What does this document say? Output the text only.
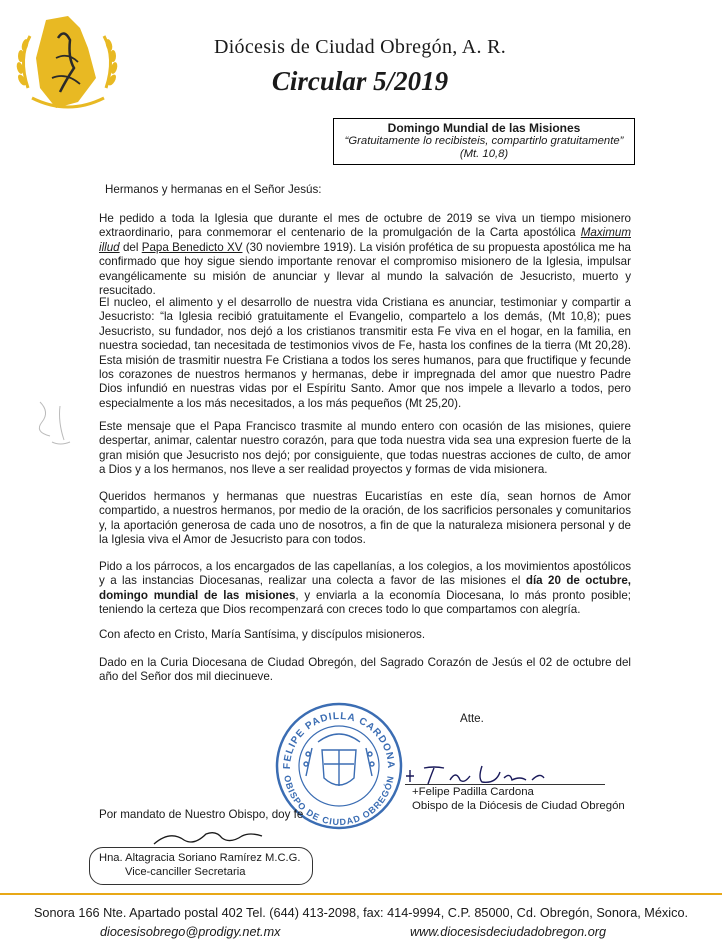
Diócesis de Ciudad Obregón, A. R.
Circular 5/2019
Domingo Mundial de las Misiones
“Gratuitamente lo recibisteis, compartirlo gratuitamente”
(Mt. 10,8)
Hermanos y hermanas en el Señor Jesús:
He pedido a toda la Iglesia que durante el mes de octubre de 2019 se viva un tiempo misionero extraordinario, para conmemorar el centenario de la promulgación de la Carta apostólica Maximum illud del Papa Benedicto XV (30 noviembre 1919). La visión profética de su propuesta apostólica me ha confirmado que hoy sigue siendo importante renovar el compromiso misionero de la Iglesia, impulsar evangélicamente su misión de anunciar y llevar al mundo la salvación de Jesucristo, muerto y resucitado.
El nucleo, el alimento y el desarrollo de nuestra vida Cristiana es anunciar, testimoniar y compartir a Jesucristo: “la Iglesia recibió gratuitamente el Evangelio, compartelo a los demás, (Mt 10,8); pues Jesucristo, su fundador, nos dejó a los cristianos transmitir esta Fe viva en el hogar, en la familia, en nuestra sociedad, tan necesitada de testimonios vivos de Fe, hasta los confines de la tierra (Mt 20,28). Esta misión de trasmitir nuestra Fe Cristiana a todos los seres humanos, para que fructifique y fecunde los corazones de nuestros hermanos y hermanas, debe ir impregnada del amor que nuestro Padre Dios infundió en nuestras vidas por el Espíritu Santo. Amor que nos impele a llevarlo a todos, pero especialmente a los más necesitados, a los más pequeños (Mt 25,20).
Este mensaje que el Papa Francisco trasmite al mundo entero con ocasión de las misiones, quiere despertar, animar, calentar nuestro corazón, para que toda nuestra vida sea una expresion fuerte de la gran misión que Jesucristo nos dejó; por consiguiente, que todas nuestras acciones de culto, de amor a Dios y a los hermanos, nos lleve a ser realidad proyectos y formas de vida misionera.
Queridos hermanos y hermanas que nuestras Eucaristías en este día, sean hornos de Amor compartido, a nuestros hermanos, por medio de la oración, de los sacrificios personales y comunitarios y, la aportación generosa de cada uno de nosotros, a fin de que la naturaleza misionera personal y de la Iglesia viva el Amor de Jesucristo para con todos.
Pido a los párrocos, a los encargados de las capellanías, a los colegios, a los movimientos apostólicos y a las instancias Diocesanas, realizar una colecta a favor de las misiones el día 20 de octubre, domingo mundial de las misiones, y enviarla a la economía Diocesana, lo más pronto posible; teniendo la certeza que Dios recompenzará con creces todo lo que compartamos con alegría.
Con afecto en Cristo, María Santísima, y discípulos misioneros.
Dado en la Curia Diocesana de Ciudad Obregón, del Sagrado Corazón de Jesús el 02 de octubre del año del Señor dos mil diecinueve.
Atte.
FELIPE PADILLA CARDONA
OBISPO DE CIUDAD OBREGÓN
+Felipe Padilla Cardona
Obispo de la Diócesis de Ciudad Obregón
Por mandato de Nuestro Obispo, doy fe
Hna. Altagracia Soriano Ramírez M.C.G.
Vice-canciller Secretaria
Sonora 166 Nte. Apartado postal 402 Tel. (644) 413-2098, fax: 414-9994, C.P. 85000, Cd. Obregón, Sonora, México.
diocesisobrego@prodigy.net.mx	www.diocesisdeciudadobregon.org
